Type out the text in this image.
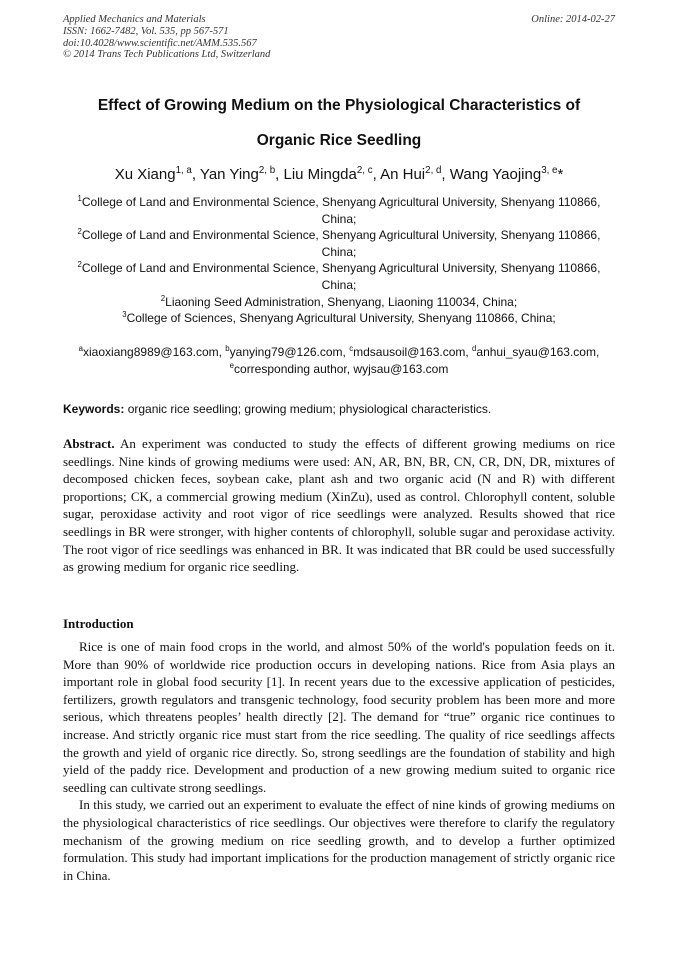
Applied Mechanics and Materials
ISSN: 1662-7482, Vol. 535, pp 567-571
doi:10.4028/www.scientific.net/AMM.535.567
© 2014 Trans Tech Publications Ltd, Switzerland
Online: 2014-02-27
Effect of Growing Medium on the Physiological Characteristics of
Organic Rice Seedling
Xu Xiang$^{1, a}$, Yan Ying$^{2, b}$, Liu Mingda$^{2, c}$, An Hui$^{2, d}$, Wang Yaojing$^{3, e}$*
$^1$College of Land and Environmental Science, Shenyang Agricultural University, Shenyang 110866, China;
$^2$College of Land and Environmental Science, Shenyang Agricultural University, Shenyang 110866, China;
$^2$College of Land and Environmental Science, Shenyang Agricultural University, Shenyang 110866, China;
$^2$Liaoning Seed Administration, Shenyang, Liaoning 110034, China;
$^3$College of Sciences, Shenyang Agricultural University, Shenyang 110866, China;
$^a$xiaoxiang8989@163.com, $^b$yanying79@126.com, $^c$mdsausoil@163.com, $^d$anhui_syau@163.com,
$^e$corresponding author, wyjsau@163.com
Keywords: organic rice seedling; growing medium; physiological characteristics.
Abstract. An experiment was conducted to study the effects of different growing mediums on rice seedlings. Nine kinds of growing mediums were used: AN, AR, BN, BR, CN, CR, DN, DR, mixtures of decomposed chicken feces, soybean cake, plant ash and two organic acid (N and R) with different proportions; CK, a commercial growing medium (XinZu), used as control. Chlorophyll content, soluble sugar, peroxidase activity and root vigor of rice seedlings were analyzed. Results showed that rice seedlings in BR were stronger, with higher contents of chlorophyll, soluble sugar and peroxidase activity. The root vigor of rice seedlings was enhanced in BR. It was indicated that BR could be used successfully as growing medium for organic rice seedling.
Introduction

Rice is one of main food crops in the world, and almost 50% of the world's population feeds on it. More than 90% of worldwide rice production occurs in developing nations. Rice from Asia plays an important role in global food security [1]. In recent years due to the excessive application of pesticides, fertilizers, growth regulators and transgenic technology, food security problem has been more and more serious, which threatens peoples’ health directly [2]. The demand for “true” organic rice continues to increase. And strictly organic rice must start from the rice seedling. The quality of rice seedlings affects the growth and yield of organic rice directly. So, strong seedlings are the foundation of stability and high yield of the paddy rice. Development and production of a new growing medium suited to organic rice seedling can cultivate strong seedlings.

In this study, we carried out an experiment to evaluate the effect of nine kinds of growing mediums on the physiological characteristics of rice seedlings. Our objectives were therefore to clarify the regulatory mechanism of the growing medium on rice seedling growth, and to develop a further optimized formulation. This study had important implications for the production management of strictly organic rice in China.
